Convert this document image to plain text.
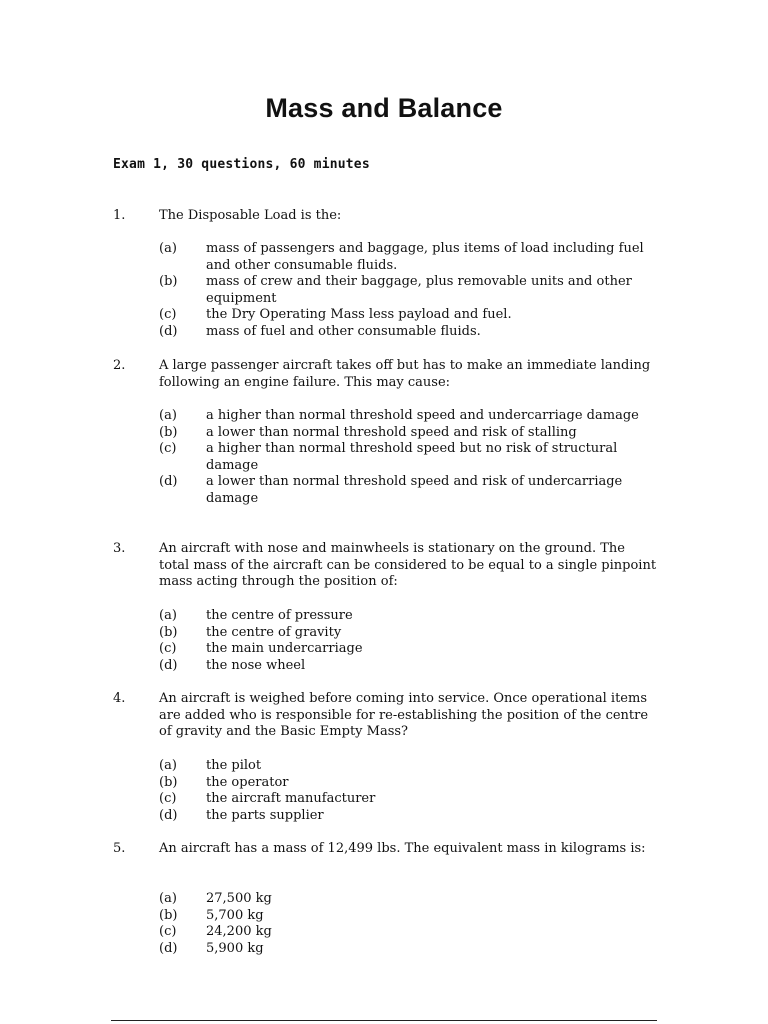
Mass and Balance
Exam 1, 30 questions, 60 minutes
1.	The Disposable Load is the:
(a) mass of passengers and baggage, plus items of load including fuel and other consumable fluids.
(b) mass of crew and their baggage, plus removable units and other equipment
(c) the Dry Operating Mass less payload and fuel.
(d) mass of fuel and other consumable fluids.
2.	A large passenger aircraft takes off but has to make an immediate landing following an engine failure. This may cause:
(a) a higher than normal threshold speed and undercarriage damage
(b) a lower than normal threshold speed and risk of stalling
(c) a higher than normal threshold speed but no risk of structural damage
(d) a lower than normal threshold speed and risk of undercarriage damage
3.	An aircraft with nose and mainwheels is stationary on the ground. The total mass of the aircraft can be considered to be equal to a single pinpoint mass acting through the position of:
(a) the centre of pressure
(b) the centre of gravity
(c) the main undercarriage
(d) the nose wheel
4.	An aircraft is weighed before coming into service. Once operational items are added who is responsible for re-establishing the position of the centre of gravity and the Basic Empty Mass?
(a) the pilot
(b) the operator
(c) the aircraft manufacturer
(d) the parts supplier
5.	An aircraft has a mass of 12,499 lbs. The equivalent mass in kilograms is:
(a) 27,500 kg
(b) 5,700 kg
(c) 24,200 kg
(d) 5,900 kg
